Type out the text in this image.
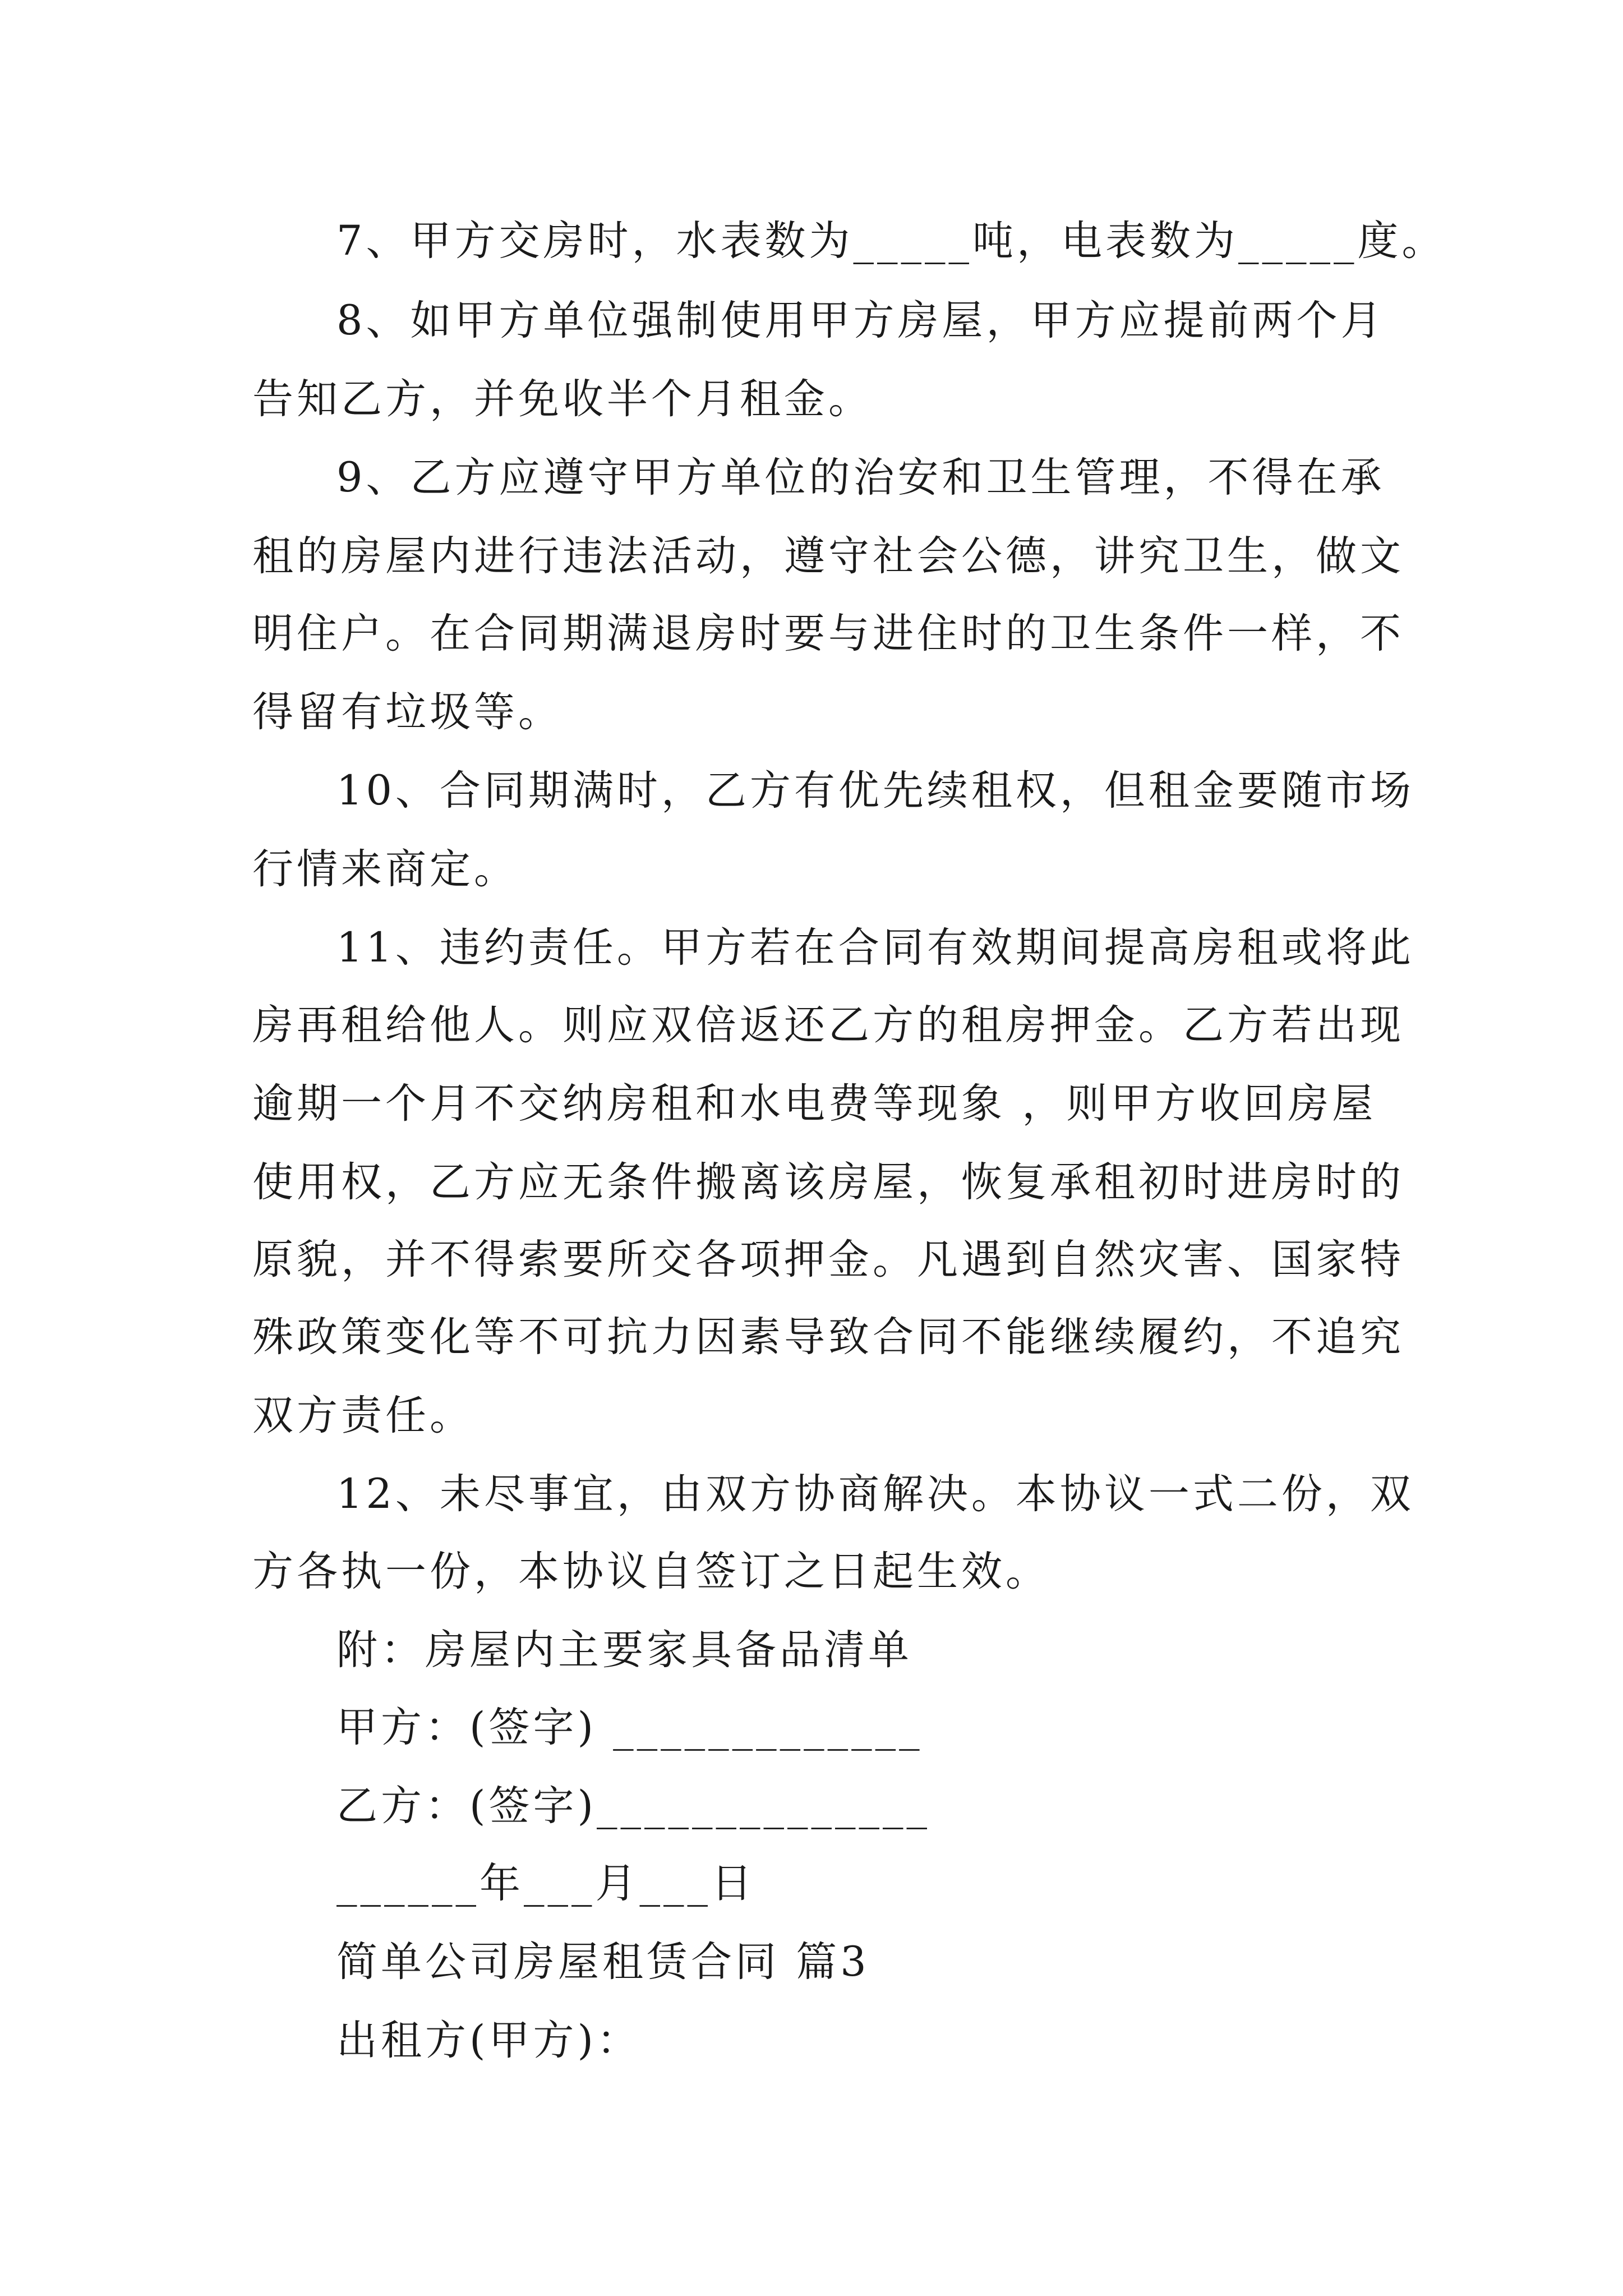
7、甲方交房时，水表数为_____吨，电表数为_____度。

8、如甲方单位强制使用甲方房屋，甲方应提前两个月

告知乙方，并免收半个月租金。

9、乙方应遵守甲方单位的治安和卫生管理，不得在承

租的房屋内进行违法活动，遵守社会公德，讲究卫生，做文

明住户。在合同期满退房时要与进住时的卫生条件一样，不

得留有垃圾等。

10、合同期满时，乙方有优先续租权，但租金要随市场

行情来商定。

11、违约责任。甲方若在合同有效期间提高房租或将此

房再租给他人。则应双倍返还乙方的租房押金。乙方若出现

逾期一个月不交纳房租和水电费等现象 ，则甲方收回房屋

使用权，乙方应无条件搬离该房屋，恢复承租初时进房时的

原貌，并不得索要所交各项押金。凡遇到自然灾害、国家特

殊政策变化等不可抗力因素导致合同不能继续履约，不追究

双方责任。

12、未尽事宜，由双方协商解决。本协议一式二份，双

方各执一份，本协议自签订之日起生效。

附：房屋内主要家具备品清单

甲方：(签字) _____________

乙方：(签字)______________

______年___月___日

简单公司房屋租赁合同 篇3

出租方(甲方)：
